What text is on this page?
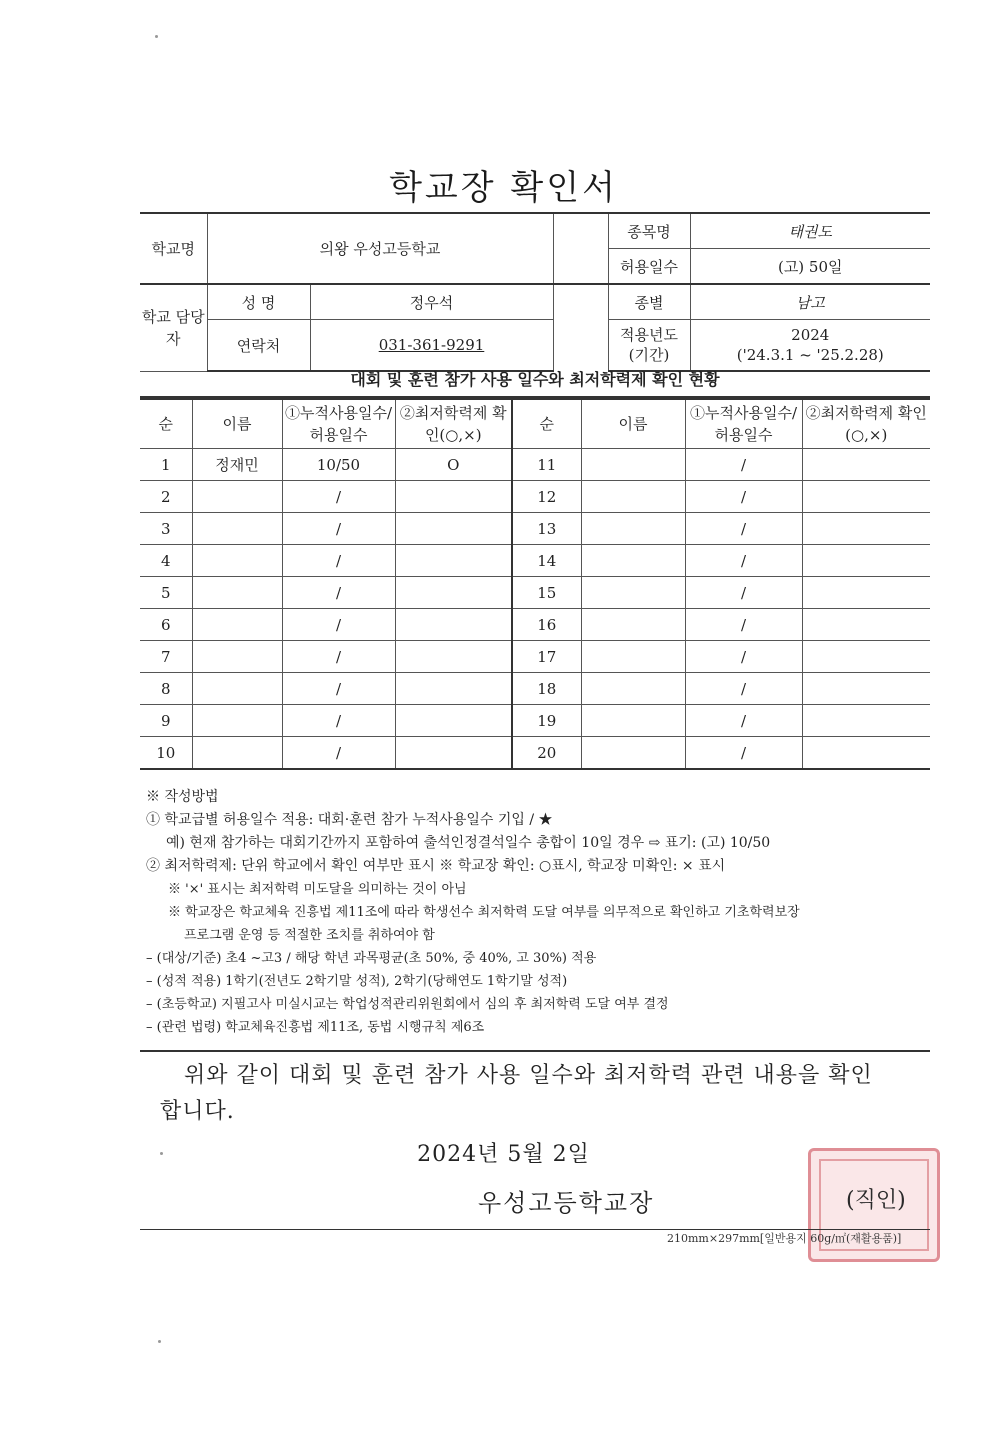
학교장 확인서
학교명	의왕 우성고등학교			종목명	태권도
				허용일수	(고) 50일
학교 담당자	성 명	정우석		종별	남고
	연락처	031-361-9291		적용년도 (기간)	2024
('24.3.1 ~ '25.2.28)
대회 및 훈련 참가 사용 일수와 최저학력제 확인 현황
순	이름	①누적사용일수/ 허용일수	②최저학력제 확인(○,×)	순	이름	①누적사용일수/ 허용일수	②최저학력제 확인(○,×)
1	정재민	10/50	O	11		/	
2		/		12		/	
3		/		13		/	
4		/		14		/	
5		/		15		/	
6		/		16		/	
7		/		17		/	
8		/		18		/	
9		/		19		/	
10		/		20		/	

※ 작성방법

① 학교급별 허용일수 적용: 대회·훈련 참가 누적사용일수 기입 / ★

예) 현재 참가하는 대회기간까지 포함하여 출석인정결석일수 총합이 10일 경우 ⇨ 표기: (고) 10/50

② 최저학력제: 단위 학교에서 확인 여부만 표시 ※ 학교장 확인: ○표시, 학교장 미확인: × 표시

※ '×' 표시는 최저학력 미도달을 의미하는 것이 아님

※ 학교장은 학교체육 진흥법 제11조에 따라 학생선수 최저학력 도달 여부를 의무적으로 확인하고 기초학력보장

프로그램 운영 등 적절한 조치를 취하여야 함

– (대상/기준) 초4 ~고3 / 해당 학년 과목평균(초 50%, 중 40%, 고 30%) 적용

– (성적 적용) 1학기(전년도 2학기말 성적), 2학기(당해연도 1학기말 성적)

– (초등학교) 지필고사 미실시교는 학업성적관리위원회에서 심의 후 최저학력 도달 여부 결정

– (관련 법령) 학교체육진흥법 제11조, 동법 시행규칙 제6조

위와 같이 대회 및 훈련 참가 사용 일수와 최저학력 관련 내용을 확인
합니다.
2024년 5월 2일
우성고등학교장	(직인)
210mm×297mm[일반용지 60g/㎡(재활용품)]
